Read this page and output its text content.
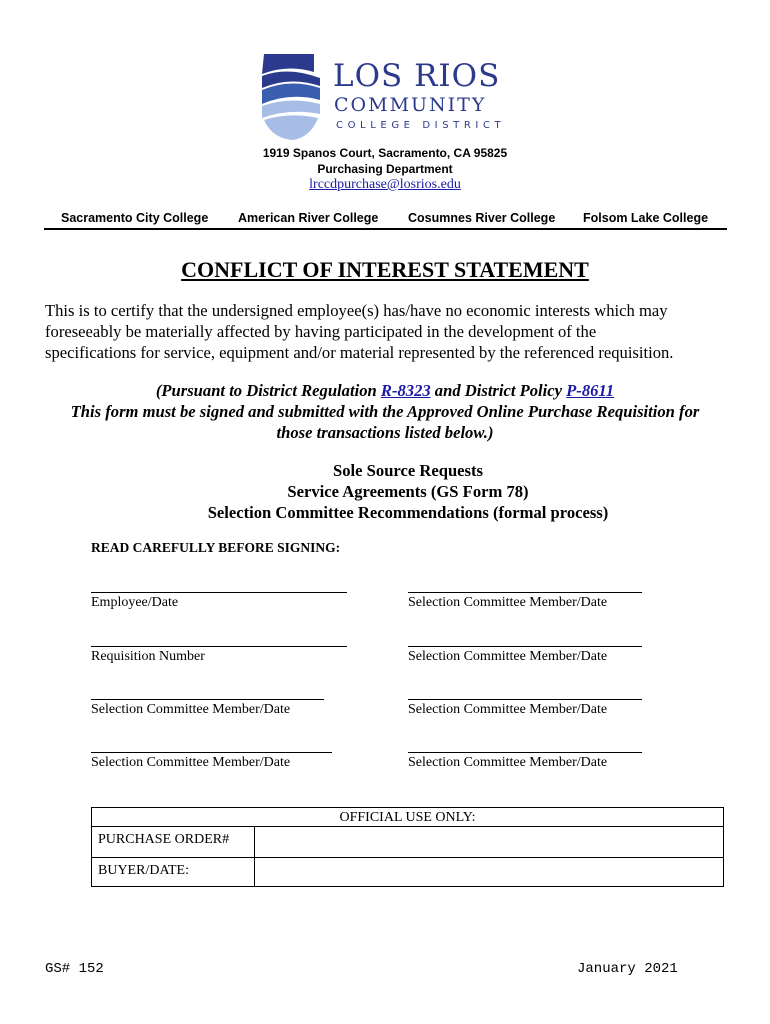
LOS RIOS
COMMUNITY
COLLEGE DISTRICT
1919 Spanos Court, Sacramento, CA 95825
Purchasing Department
lrccdpurchase@losrios.edu
Sacramento City College American River College Cosumnes River College Folsom Lake College
CONFLICT OF INTEREST STATEMENT
This is to certify that the undersigned employee(s) has/have no economic interests which may
foreseeably be materially affected by having participated in the development of the
specifications for service, equipment and/or material represented by the referenced requisition.
(Pursuant to District Regulation R-8323 and District Policy P-8611
This form must be signed and submitted with the Approved Online Purchase Requisition for
those transactions listed below.)
Sole Source Requests
Service Agreements (GS Form 78)
Selection Committee Recommendations (formal process)
READ CAREFULLY BEFORE SIGNING:
Employee/Date	Selection Committee Member/Date
Requisition Number	Selection Committee Member/Date
Selection Committee Member/Date	Selection Committee Member/Date
Selection Committee Member/Date	Selection Committee Member/Date
OFFICIAL USE ONLY:
PURCHASE ORDER#
BUYER/DATE:
GS# 152	January 2021
